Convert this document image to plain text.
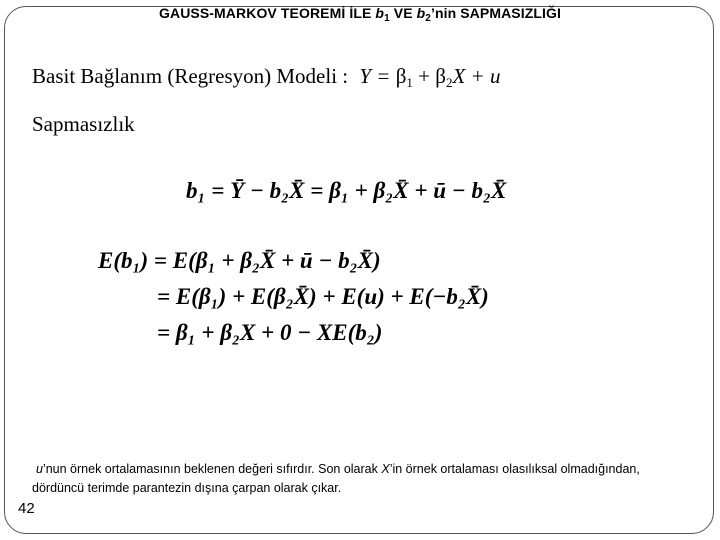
GAUSS-MARKOV TEOREMİ İLE $b_1$ VE $b_2’nin$ SAPMASIZLIĞI
Basit Bağlanım (Regresyon) Modeli : $Y = \beta_1 + \beta_2X + u$
Sapmasızlık
b₁ = Ȳ − b₂X̄ = β₁ + β₂X̄ + ū − b₂X̄
E(b₁) = E(β₁ + β₂X̄ + ū − b₂X̄)
= E(β₁) + E(β₂X̄) + E(u) + E(−b₂X̄)
= β₁ + β₂X + 0 − XE(b₂)
u’nun örnek ortalamasının beklenen değeri sıfırdır. Son olarak X’in örnek ortalaması olasılıksal olmadığından, dördüncü terimde parantezin dışına çarpan olarak çıkar.
42
